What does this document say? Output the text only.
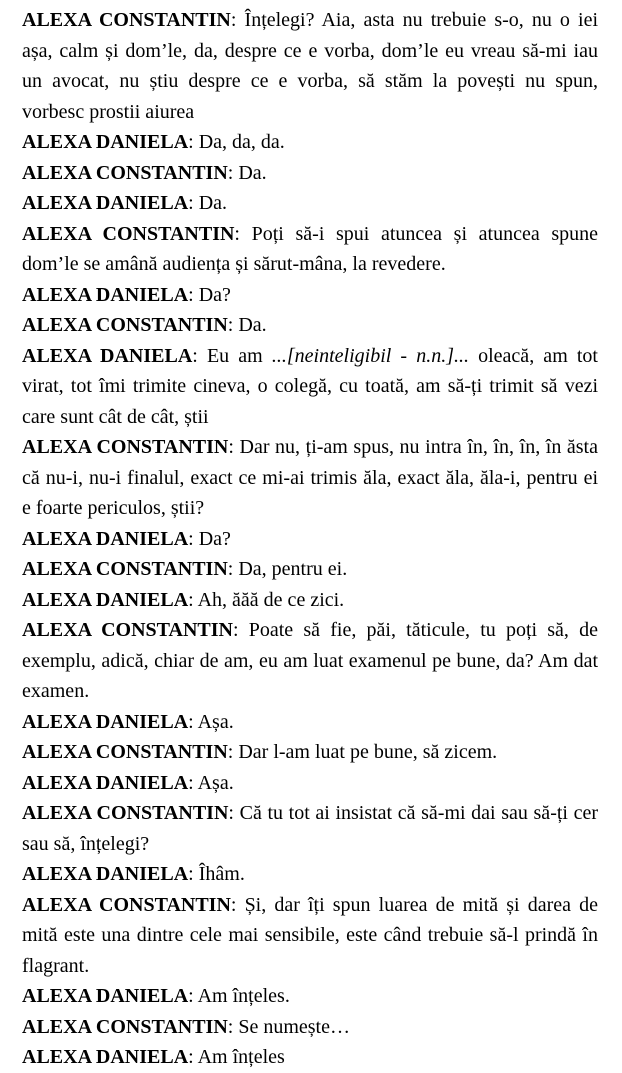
ALEXA CONSTANTIN: Înțelegi? Aia, asta nu trebuie s-o, nu o iei așa, calm și dom’le, da, despre ce e vorba, dom’le eu vreau să-mi iau un avocat, nu știu despre ce e vorba, să stăm la povești nu spun, vorbesc prostii aiurea

ALEXA DANIELA: Da, da, da.

ALEXA CONSTANTIN: Da.

ALEXA DANIELA: Da.

ALEXA CONSTANTIN: Poți să-i spui atuncea și atuncea spune dom’le se amână audiența și sărut-mâna, la revedere.

ALEXA DANIELA: Da?

ALEXA CONSTANTIN: Da.

ALEXA DANIELA: Eu am ...[neinteligibil - n.n.]... oleacă, am tot virat, tot îmi trimite cineva, o colegă, cu toată, am să-ți trimit să vezi care sunt cât de cât, știi

ALEXA CONSTANTIN: Dar nu, ți-am spus, nu intra în, în, în, în ăsta că nu-i, nu-i finalul, exact ce mi-ai trimis ăla, exact ăla, ăla-i, pentru ei e foarte periculos, știi?

ALEXA DANIELA: Da?

ALEXA CONSTANTIN: Da, pentru ei.

ALEXA DANIELA: Ah, ăăă de ce zici.

ALEXA CONSTANTIN: Poate să fie, păi, tăticule, tu poți să, de exemplu, adică, chiar de am, eu am luat examenul pe bune, da? Am dat examen.

ALEXA DANIELA: Așa.

ALEXA CONSTANTIN: Dar l-am luat pe bune, să zicem.

ALEXA DANIELA: Așa.

ALEXA CONSTANTIN: Că tu tot ai insistat că să-mi dai sau să-ți cer sau să, înțelegi?

ALEXA DANIELA: Îhâm.

ALEXA CONSTANTIN: Și, dar îți spun luarea de mită și darea de mită este una dintre cele mai sensibile, este când trebuie să-l prindă în flagrant.

ALEXA DANIELA: Am înțeles.

ALEXA CONSTANTIN: Se numește…

ALEXA DANIELA: Am înțeles
